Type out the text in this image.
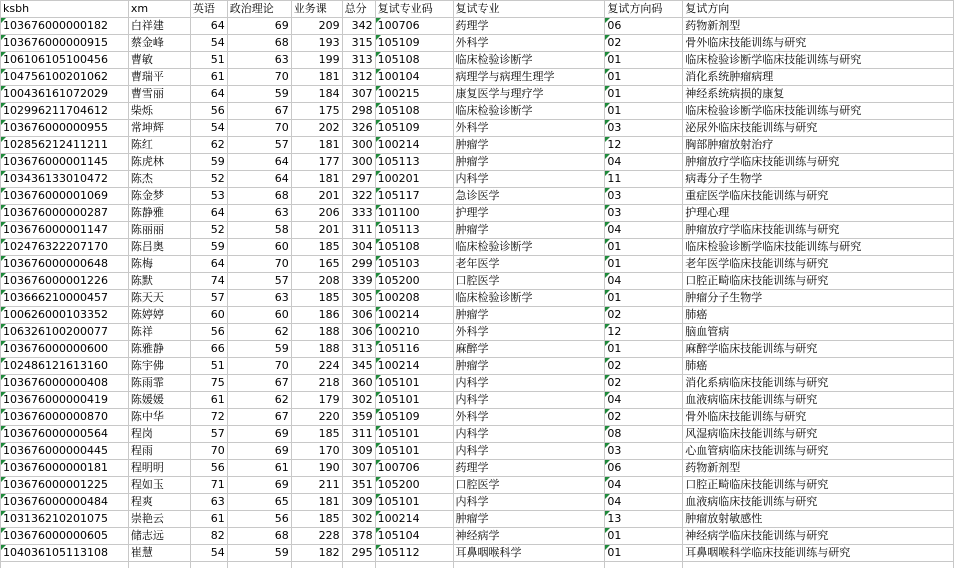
ksbh	xm	英语	政治理论	业务课	总分	复试专业码	复试专业	复试方向码	复试方向
103676000000182	白祥建	64	69	209	342	100706	药理学	06	药物新剂型
103676000000915	蔡金峰	54	68	193	315	105109	外科学	02	骨外临床技能训练与研究
106106105100456	曹敏	51	63	199	313	105108	临床检验诊断学	01	临床检验诊断学临床技能训练与研究
104756100201062	曹瑞平	61	70	181	312	100104	病理学与病理生理学	01	消化系统肿瘤病理
100436161072029	曹雪丽	64	59	184	307	100215	康复医学与理疗学	01	神经系统病损的康复
102996211704612	柴烁	56	67	175	298	105108	临床检验诊断学	01	临床检验诊断学临床技能训练与研究
103676000000955	常坤辉	54	70	202	326	105109	外科学	03	泌尿外临床技能训练与研究
102856212411211	陈红	62	57	181	300	100214	肿瘤学	12	胸部肿瘤放射治疗
103676000001145	陈虎林	59	64	177	300	105113	肿瘤学	04	肿瘤放疗学临床技能训练与研究
103436133010472	陈杰	52	64	181	297	100201	内科学	11	病毒分子生物学
103676000001069	陈金梦	53	68	201	322	105117	急诊医学	03	重症医学临床技能训练与研究
103676000000287	陈静雅	64	63	206	333	101100	护理学	03	护理心理
103676000001147	陈丽丽	52	58	201	311	105113	肿瘤学	04	肿瘤放疗学临床技能训练与研究
102476322207170	陈吕奥	59	60	185	304	105108	临床检验诊断学	01	临床检验诊断学临床技能训练与研究
103676000000648	陈梅	64	70	165	299	105103	老年医学	01	老年医学临床技能训练与研究
103676000001226	陈默	74	57	208	339	105200	口腔医学	04	口腔正畸临床技能训练与研究
103666210000457	陈天天	57	63	185	305	100208	临床检验诊断学	01	肿瘤分子生物学
100626000103352	陈婷婷	60	60	186	306	100214	肿瘤学	02	肺癌
106326100200077	陈祥	56	62	188	306	100210	外科学	12	脑血管病
103676000000600	陈雅静	66	59	188	313	105116	麻醉学	01	麻醉学临床技能训练与研究
102486121613160	陈宇佛	51	70	224	345	100214	肿瘤学	02	肺癌
103676000000408	陈雨霏	75	67	218	360	105101	内科学	02	消化系病临床技能训练与研究
103676000000419	陈媛媛	61	62	179	302	105101	内科学	04	血液病临床技能训练与研究
103676000000870	陈中华	72	67	220	359	105109	外科学	02	骨外临床技能训练与研究
103676000000564	程岗	57	69	185	311	105101	内科学	08	风湿病临床技能训练与研究
103676000000445	程雨	70	69	170	309	105101	内科学	03	心血管病临床技能训练与研究
103676000000181	程明明	56	61	190	307	100706	药理学	06	药物新剂型
103676000001225	程如玉	71	69	211	351	105200	口腔医学	04	口腔正畸临床技能训练与研究
103676000000484	程爽	63	65	181	309	105101	内科学	04	血液病临床技能训练与研究
103136210201075	崇艳云	61	56	185	302	100214	肿瘤学	13	肿瘤放射敏感性
103676000000605	储志远	82	68	228	378	105104	神经病学	01	神经病学临床技能训练与研究
104036105113108	崔慧	54	59	182	295	105112	耳鼻咽喉科学	01	耳鼻咽喉科学临床技能训练与研究
